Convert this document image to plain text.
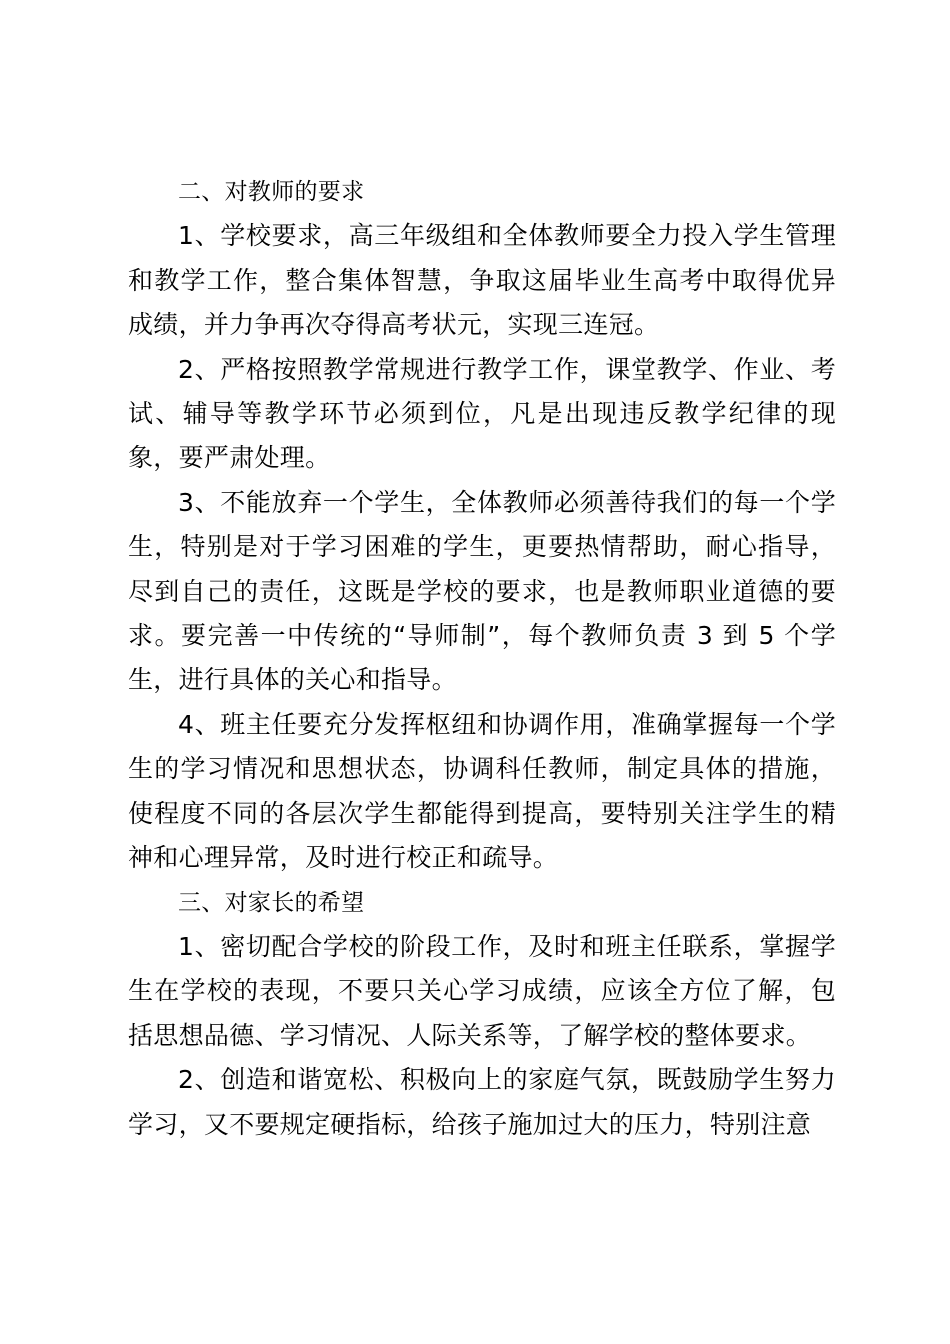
二、对教师的要求

1、学校要求，高三年级组和全体教师要全力投入学生管理和教学工作，整合集体智慧，争取这届毕业生高考中取得优异成绩，并力争再次夺得高考状元，实现三连冠。

2、严格按照教学常规进行教学工作，课堂教学、作业、考试、辅导等教学环节必须到位，凡是出现违反教学纪律的现象，要严肃处理。

3、不能放弃一个学生，全体教师必须善待我们的每一个学生，特别是对于学习困难的学生，更要热情帮助，耐心指导，尽到自己的责任，这既是学校的要求，也是教师职业道德的要求。要完善一中传统的“导师制”，每个教师负责 3 到 5 个学生，进行具体的关心和指导。

4、班主任要充分发挥枢纽和协调作用，准确掌握每一个学生的学习情况和思想状态，协调科任教师，制定具体的措施，使程度不同的各层次学生都能得到提高，要特别关注学生的精神和心理异常，及时进行校正和疏导。

三、对家长的希望

1、密切配合学校的阶段工作，及时和班主任联系，掌握学生在学校的表现，不要只关心学习成绩，应该全方位了解，包括思想品德、学习情况、人际关系等，了解学校的整体要求。

2、创造和谐宽松、积极向上的家庭气氛，既鼓励学生努力学习，又不要规定硬指标，给孩子施加过大的压力，特别注意
